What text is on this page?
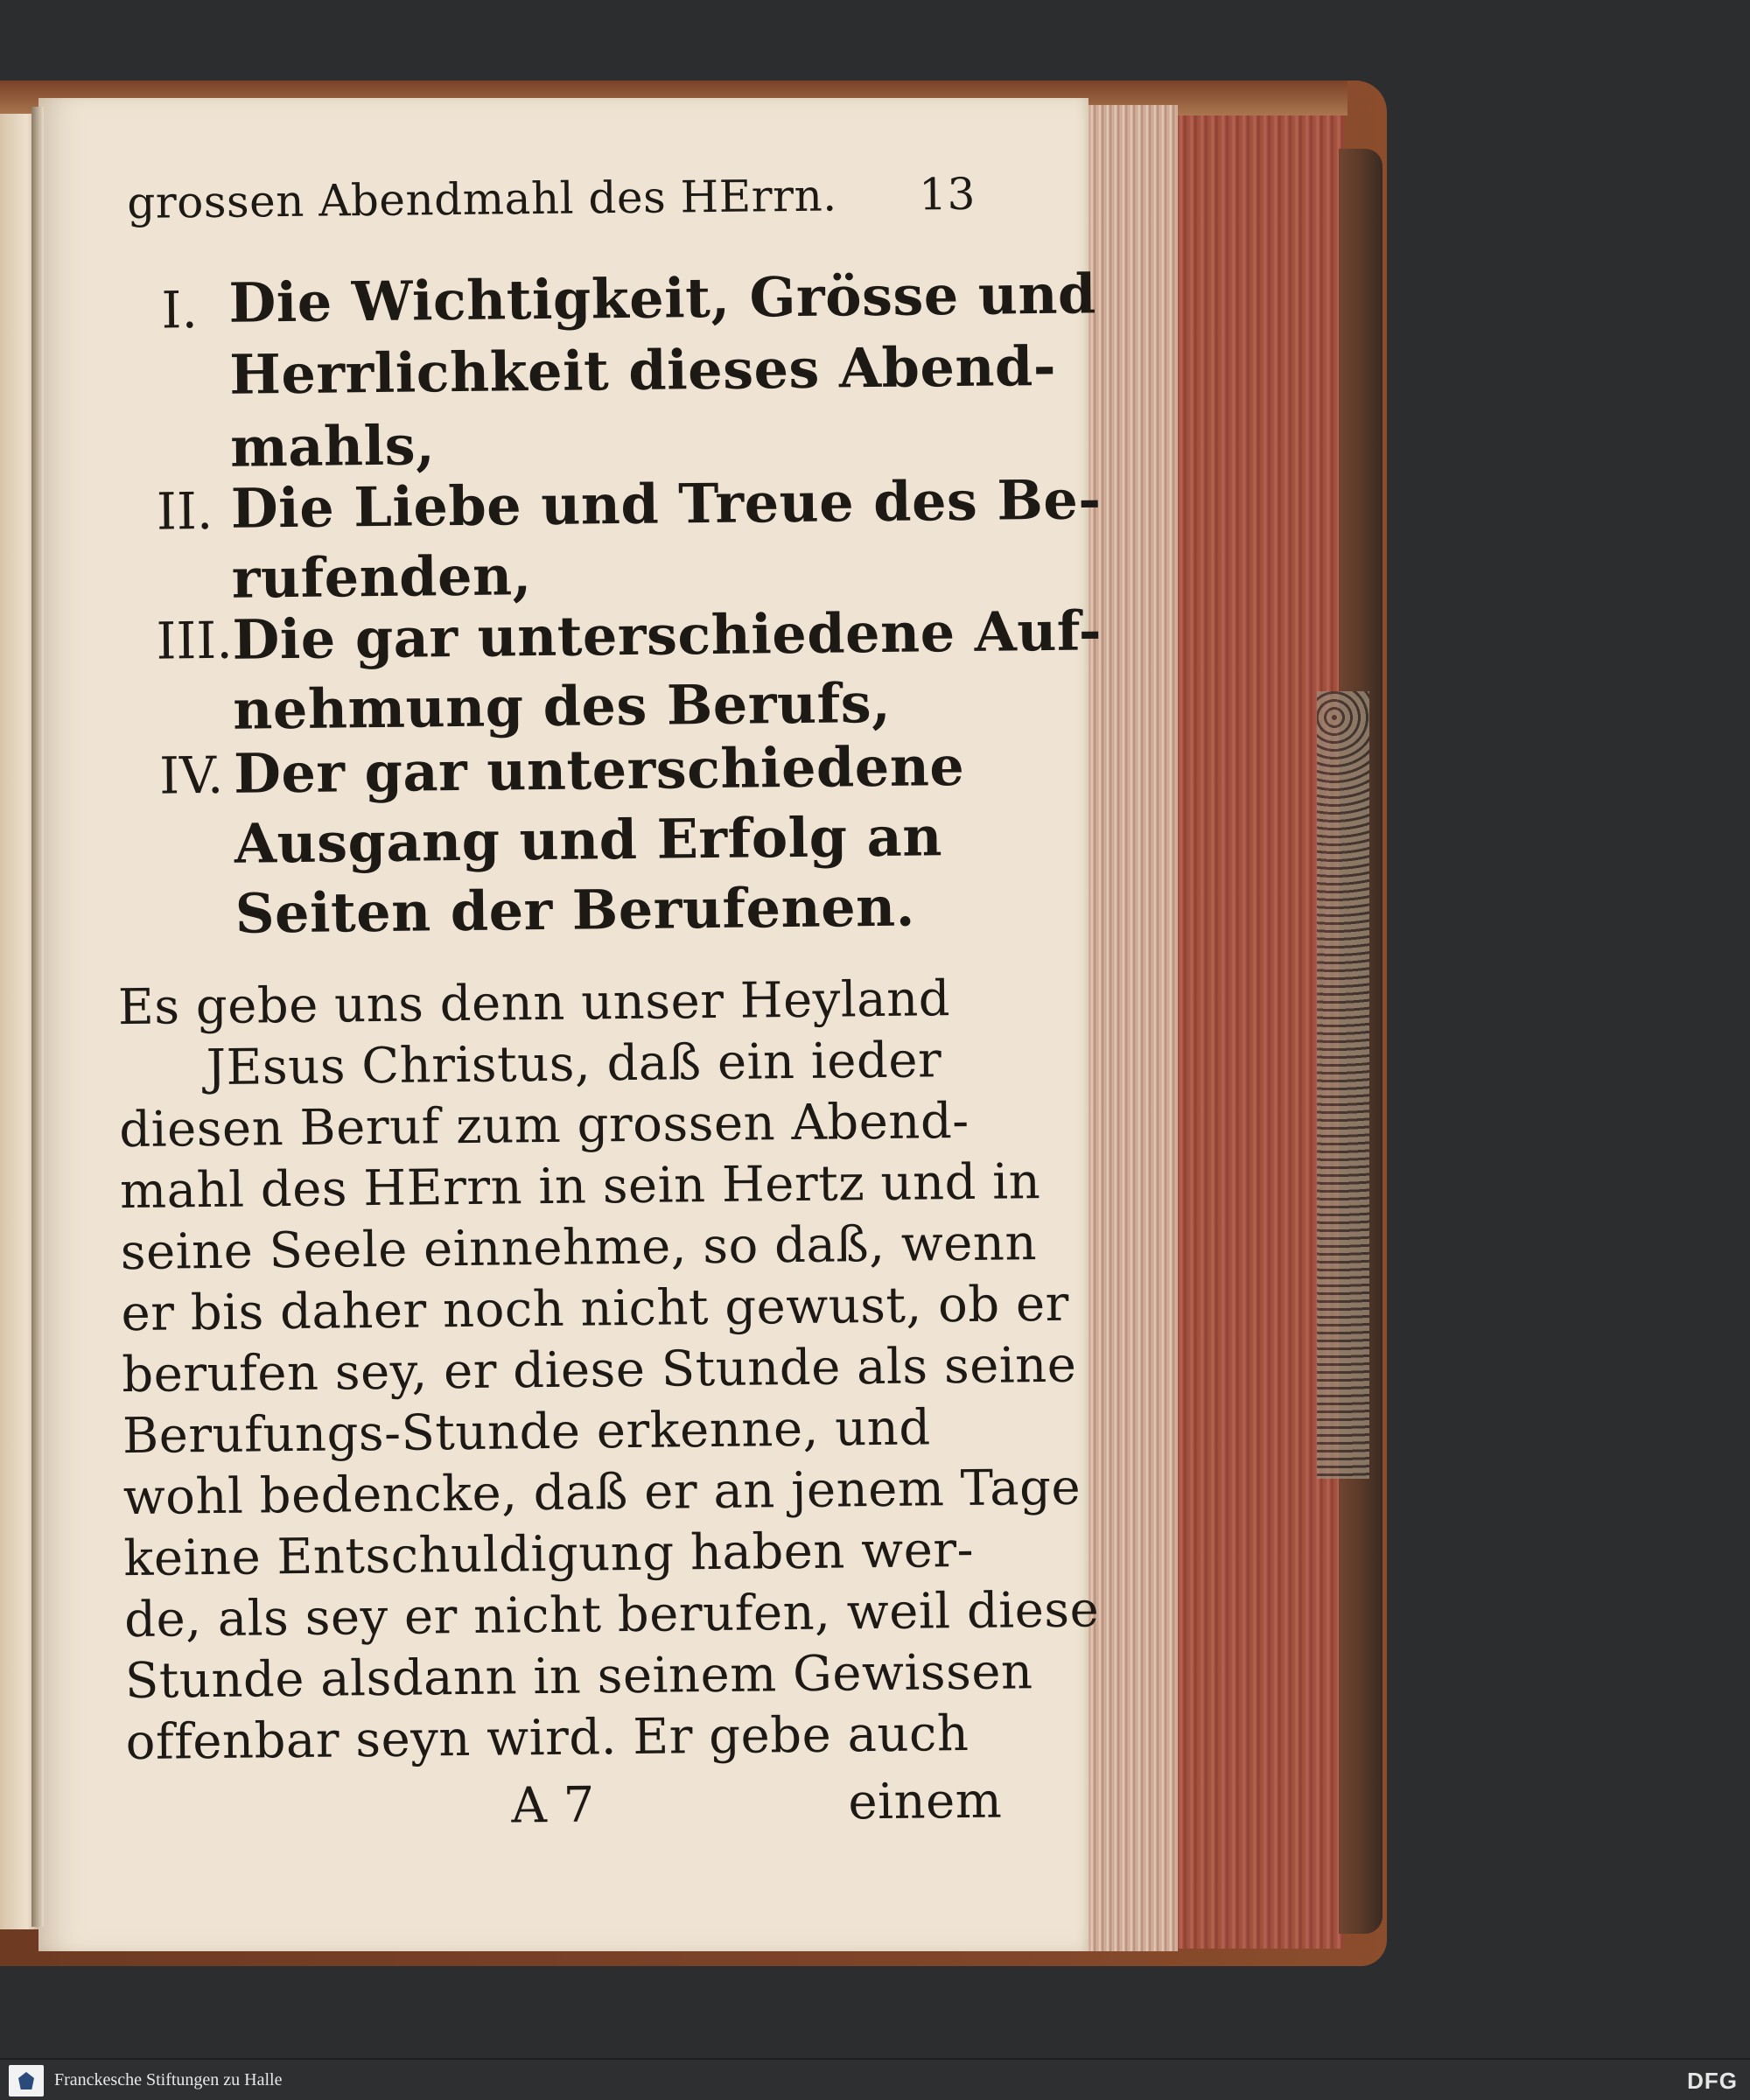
grossen Abendmahl des HErrn. 13
I. Die Wichtigkeit, Grösse und
Herrlichkeit dieses Abend-
mahls,
II. Die Liebe und Treue des Be-
rufenden,
III. Die gar unterschiedene Auf-
nehmung des Berufs,
IV. Der gar unterschiedene
Ausgang und Erfolg an
Seiten der Berufenen.
Es gebe uns denn unser Heyland
JEsus Christus, daß ein ieder
diesen Beruf zum grossen Abend-
mahl des HErrn in sein Hertz und in
seine Seele einnehme, so daß, wenn
er bis daher noch nicht gewust, ob er
berufen sey, er diese Stunde als seine
Berufungs-Stunde erkenne, und
wohl bedencke, daß er an jenem Tage
keine Entschuldigung haben wer-
de, als sey er nicht berufen, weil diese
Stunde alsdann in seinem Gewissen
offenbar seyn wird. Er gebe auch
A 7	einem
Franckesche Stiftungen zu Halle	DFG
